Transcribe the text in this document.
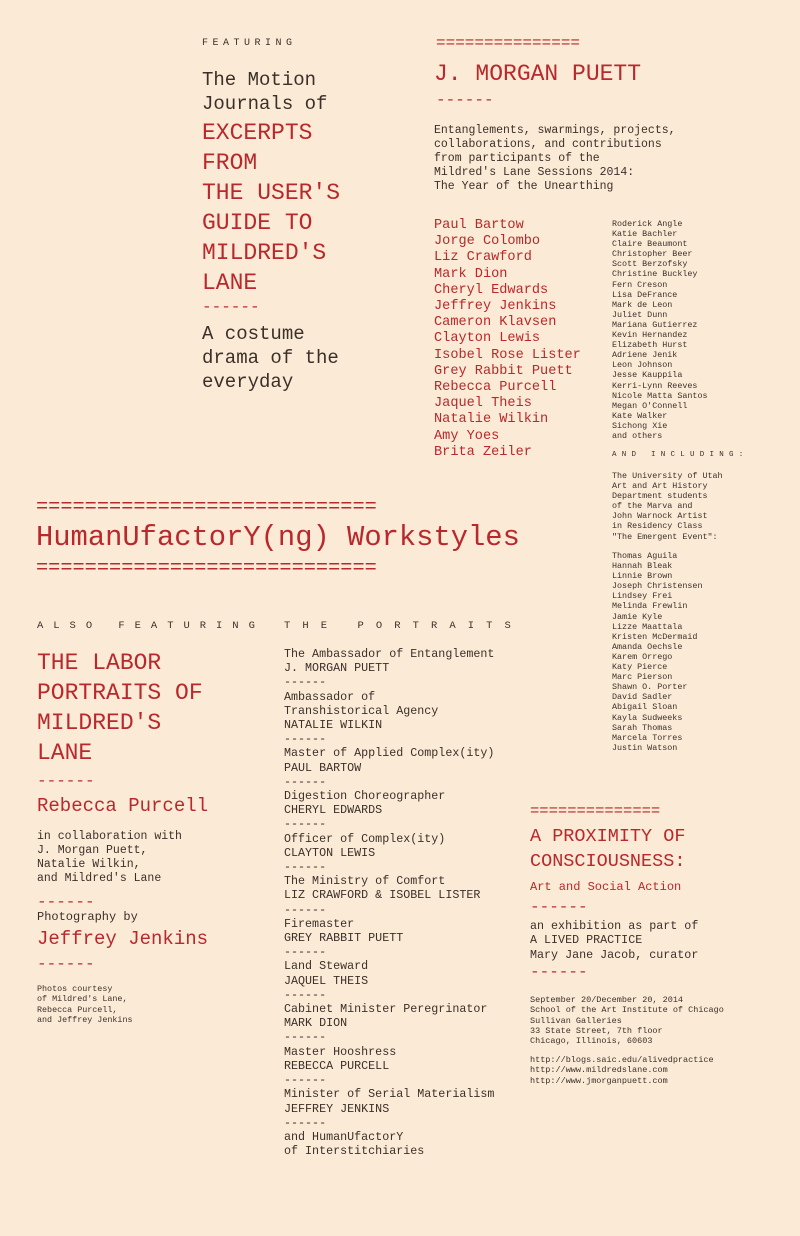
FEATURING
The Motion
Journals of
EXCERPTS
FROM
THE USER'S
GUIDE TO
MILDRED'S
LANE
------
A costume
drama of the
everyday
===============
J. MORGAN PUETT
------
Entanglements, swarmings, projects,
collaborations, and contributions
from participants of the
Mildred's Lane Sessions 2014:
The Year of the Unearthing
Paul Bartow
Jorge Colombo
Liz Crawford
Mark Dion
Cheryl Edwards
Jeffrey Jenkins
Cameron Klavsen
Clayton Lewis
Isobel Rose Lister
Grey Rabbit Puett
Rebecca Purcell
Jaquel Theis
Natalie Wilkin
Amy Yoes
Brita Zeiler
Roderick Angle
Katie Bachler
Claire Beaumont
Christopher Beer
Scott Berzofsky
Christine Buckley
Fern Creson
Lisa DeFrance
Mark de Leon
Juliet Dunn
Mariana Gutierrez
Kevin Hernandez
Elizabeth Hurst
Adriene Jenik
Leon Johnson
Jesse Kauppila
Kerri-Lynn Reeves
Nicole Matta Santos
Megan O'Connell
Kate Walker
Sichong Xie
and others
AND INCLUDING:
The University of Utah
Art and Art History
Department students
of the Marva and
John Warnock Artist
in Residency Class
"The Emergent Event":
Thomas Aguila
Hannah Bleak
Linnie Brown
Joseph Christensen
Lindsey Frei
Melinda Frewlin
Jamie Kyle
Lizze Maattala
Kristen McDermaid
Amanda Oechsle
Karem Orrego
Katy Pierce
Marc Pierson
Shawn O. Porter
David Sadler
Abigail Sloan
Kayla Sudweeks
Sarah Thomas
Marcela Torres
Justin Watson
============================
HumanUfactorY(ng) Workstyles
============================
ALSO FEATURING
THE LABOR
PORTRAITS OF
MILDRED'S
LANE
------
Rebecca Purcell
in collaboration with
J. Morgan Puett,
Natalie Wilkin,
and Mildred's Lane
------
Photography by
Jeffrey Jenkins
------
Photos courtesy
of Mildred's Lane,
Rebecca Purcell,
and Jeffrey Jenkins
THE PORTRAITS
The Ambassador of Entanglement
J. MORGAN PUETT
------
Ambassador of
Transhistorical Agency
NATALIE WILKIN
------
Master of Applied Complex(ity)
PAUL BARTOW
------
Digestion Choreographer
CHERYL EDWARDS
------
Officer of Complex(ity)
CLAYTON LEWIS
------
The Ministry of Comfort
LIZ CRAWFORD & ISOBEL LISTER
------
Firemaster
GREY RABBIT PUETT
------
Land Steward
JAQUEL THEIS
------
Cabinet Minister Peregrinator
MARK DION
------
Master Hooshress
REBECCA PURCELL
------
Minister of Serial Materialism
JEFFREY JENKINS
------
and HumanUfactorY
of Interstitchiaries
==============
A PROXIMITY OF
CONSCIOUSNESS:
Art and Social Action
------
an exhibition as part of
A LIVED PRACTICE
Mary Jane Jacob, curator
------
September 20/December 20, 2014
School of the Art Institute of Chicago
Sullivan Galleries
33 State Street, 7th floor
Chicago, Illinois, 60603
http://blogs.saic.edu/alivedpractice
http://www.mildredslane.com
http://www.jmorganpuett.com
